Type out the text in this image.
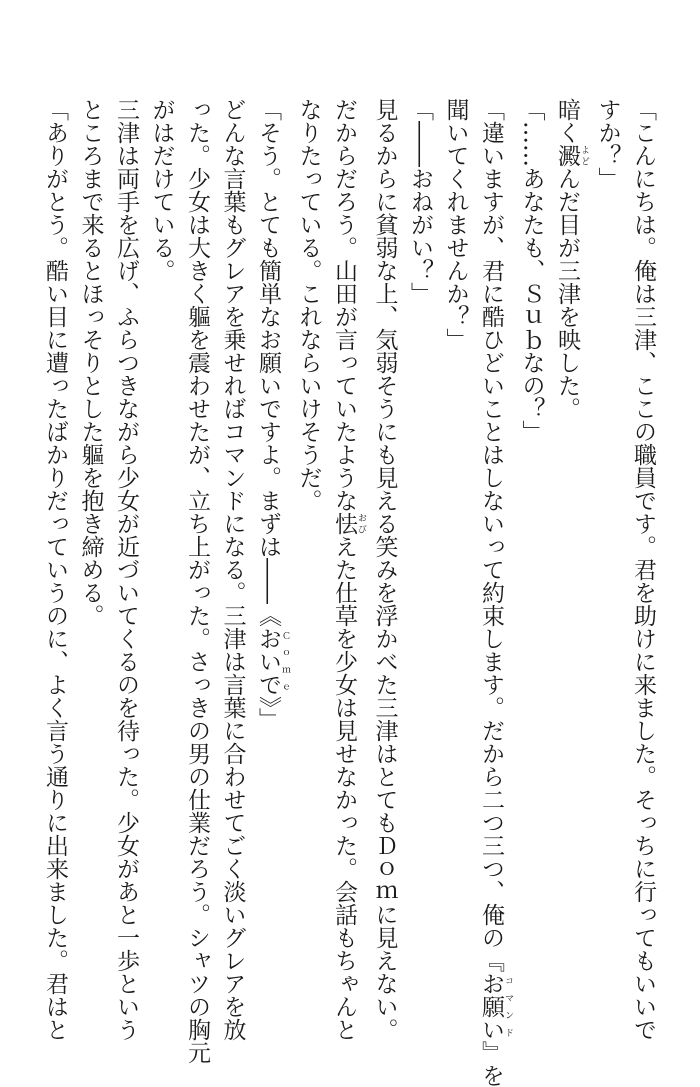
「こんにちは。俺は三津、ここの職員です。君を助けに来ました。そっちに行ってもいいで
すか？」
暗く澱 よどんだ目が三津を映した。
「……あなたも、Ｓｕｂなの？」
「違いますが、君に酷ひどいことはしないって約束します。だから二つ三つ、俺の『お願い コマンド』を
聞いてくれませんか？」
「――おねがい？」
見るからに貧弱な上、気弱そうにも見える笑みを浮かべた三津はとてもＤｏｍに見えない。
だからだろう。山田が言っていたような怯 おびえた仕草を少女は見せなかった。会話もちゃんと
なりたっている。これならいけそうだ。
「そう。とても簡単なお願いですよ。まずは――《おいで Ｃｏｍｅ》」
どんな言葉もグレアを乗せればコマンドになる。三津は言葉に合わせてごく淡いグレアを放
った。少女は大きく軀を震わせたが、立ち上がった。さっきの男の仕業だろう。シャツの胸元
がはだけている。
三津は両手を広げ、ふらつきながら少女が近づいてくるのを待った。少女があと一歩という
ところまで来るとほっそりとした軀を抱き締める。
「ありがとう。酷い目に遭ったばかりだっていうのに、よく言う通りに出来ました。君はと
